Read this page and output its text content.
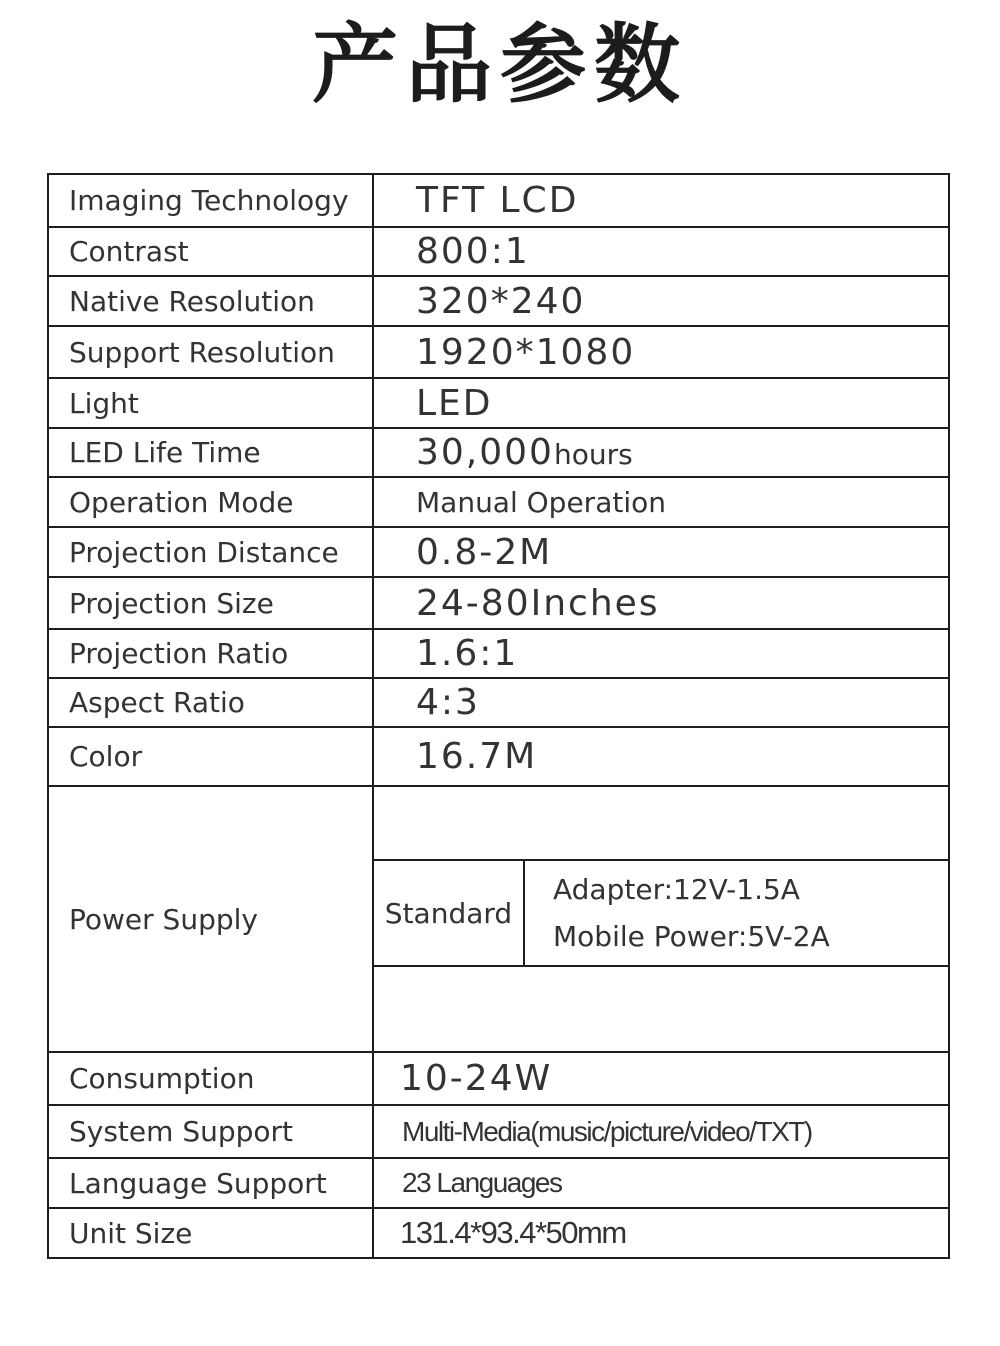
产品参数
Imaging Technology	TFT LCD
Contrast	800:1
Native Resolution	320*240
Support Resolution	1920*1080
Light	LED
LED Life Time	30,000hours
Operation Mode	Manual Operation
Projection Distance	0.8-2M
Projection Size	24-80Inches
Projection Ratio	1.6:1
Aspect Ratio	4:3
Color	16.7M
Power Supply	Standard
Adapter:12V-1.5A
Mobile Power:5V-2A

Consumption	10-24W
System Support	Multi-Media(music/picture/video/TXT)
Language Support	23 Languages
Unit Size	131.4*93.4*50mm
